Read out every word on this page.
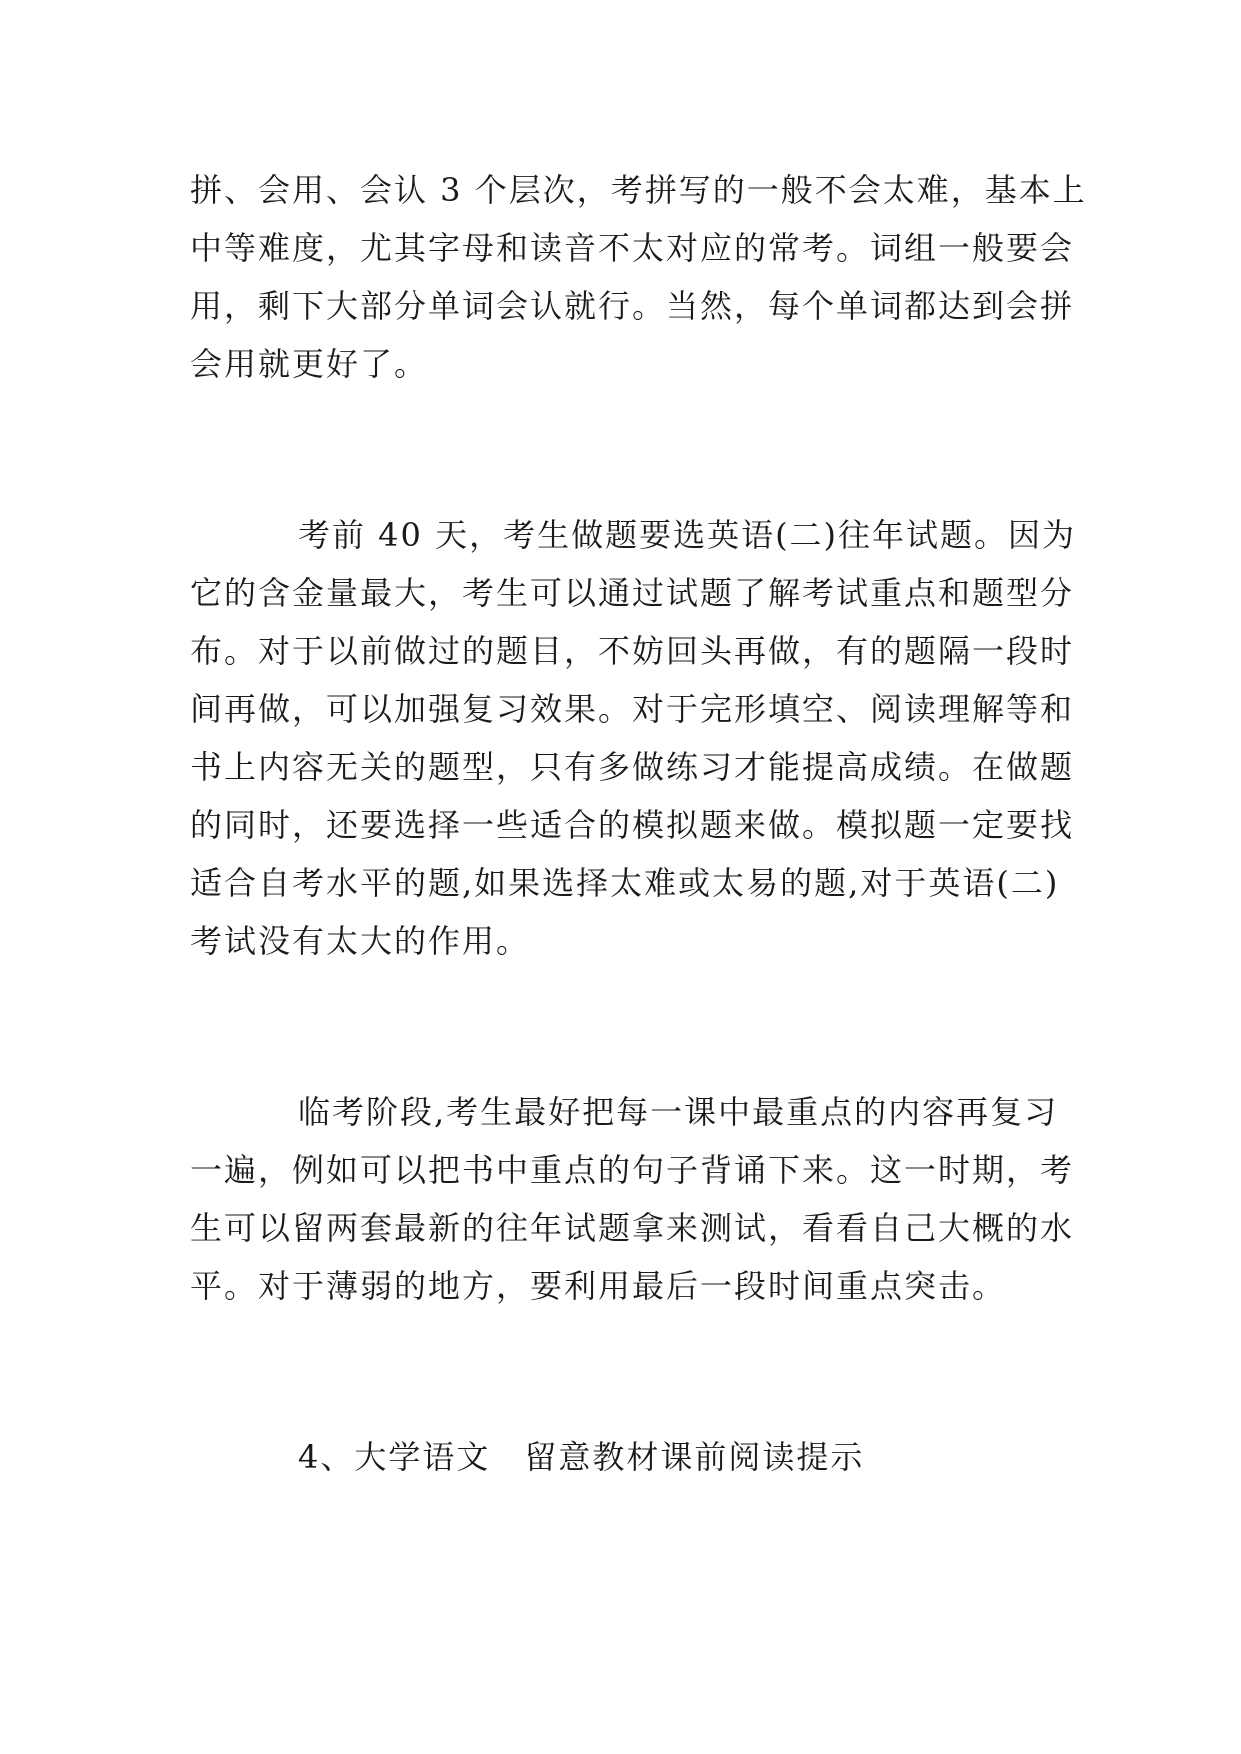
拼、会用、会认 3 个层次，考拼写的一般不会太难，基本上
中等难度，尤其字母和读音不太对应的常考。词组一般要会
用，剩下大部分单词会认就行。当然，每个单词都达到会拼
会用就更好了。
考前 40 天，考生做题要选英语(二)往年试题。因为
它的含金量最大，考生可以通过试题了解考试重点和题型分
布。对于以前做过的题目，不妨回头再做，有的题隔一段时
间再做，可以加强复习效果。对于完形填空、阅读理解等和
书上内容无关的题型，只有多做练习才能提高成绩。在做题
的同时，还要选择一些适合的模拟题来做。模拟题一定要找
适合自考水平的题,如果选择太难或太易的题,对于英语(二)
考试没有太大的作用。
临考阶段,考生最好把每一课中最重点的内容再复习
一遍，例如可以把书中重点的句子背诵下来。这一时期，考
生可以留两套最新的往年试题拿来测试，看看自己大概的水
平。对于薄弱的地方，要利用最后一段时间重点突击。
4、大学语文　留意教材课前阅读提示
